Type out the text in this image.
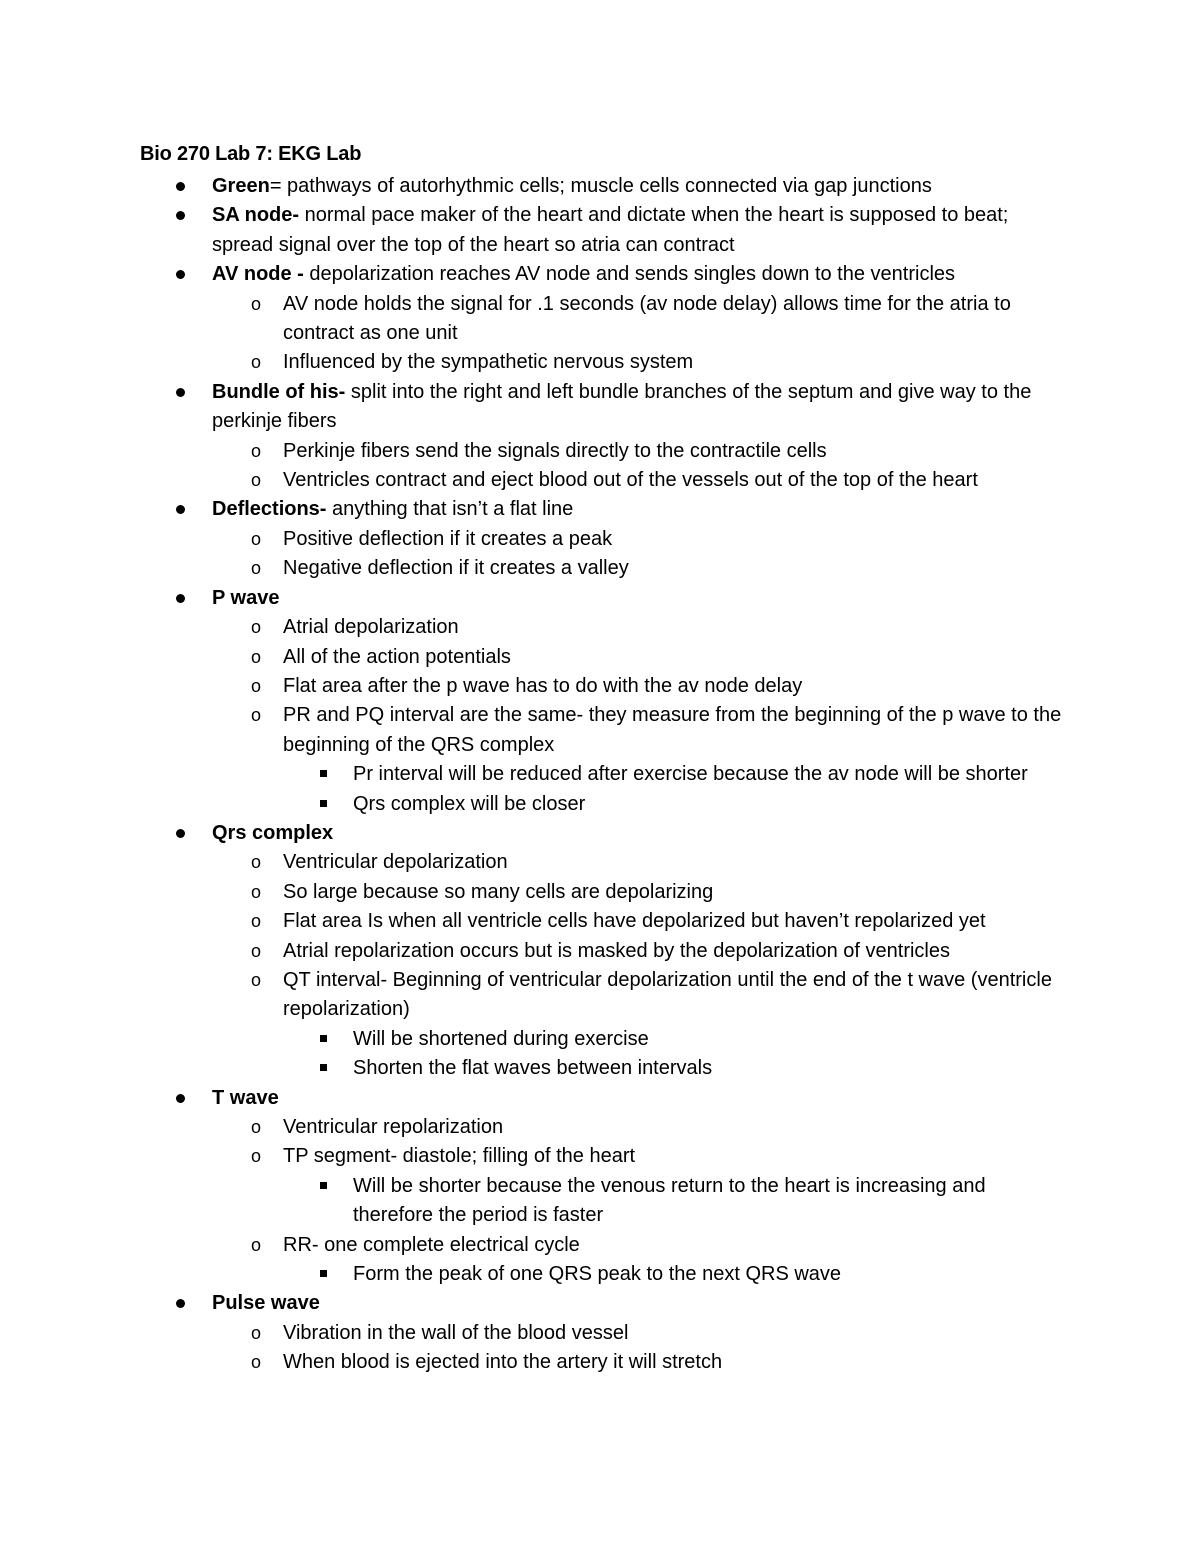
Bio 270 Lab 7: EKG Lab
Green= pathways of autorhythmic cells; muscle cells connected via gap junctions
SA node- normal pace maker of the heart and dictate when the heart is supposed to beat; spread signal over the top of the heart so atria can contract
AV node - depolarization reaches AV node and sends singles down to the ventricles
o AV node holds the signal for .1 seconds (av node delay) allows time for the atria to contract as one unit
o Influenced by the sympathetic nervous system
Bundle of his- split into the right and left bundle branches of the septum and give way to the perkinje fibers
o Perkinje fibers send the signals directly to the contractile cells
o Ventricles contract and eject blood out of the vessels out of the top of the heart
Deflections- anything that isn’t a flat line
o Positive deflection if it creates a peak
o Negative deflection if it creates a valley
P wave
o Atrial depolarization
o All of the action potentials
o Flat area after the p wave has to do with the av node delay
o PR and PQ interval are the same- they measure from the beginning of the p wave to the beginning of the QRS complex
Pr interval will be reduced after exercise because the av node will be shorter
Qrs complex will be closer
Qrs complex
o Ventricular depolarization
o So large because so many cells are depolarizing
o Flat area Is when all ventricle cells have depolarized but haven’t repolarized yet
o Atrial repolarization occurs but is masked by the depolarization of ventricles
o QT interval- Beginning of ventricular depolarization until the end of the t wave (ventricle repolarization)
Will be shortened during exercise
Shorten the flat waves between intervals
T wave
o Ventricular repolarization
o TP segment- diastole; filling of the heart
Will be shorter because the venous return to the heart is increasing and therefore the period is faster
o RR- one complete electrical cycle
Form the peak of one QRS peak to the next QRS wave
Pulse wave
o Vibration in the wall of the blood vessel
o When blood is ejected into the artery it will stretch
